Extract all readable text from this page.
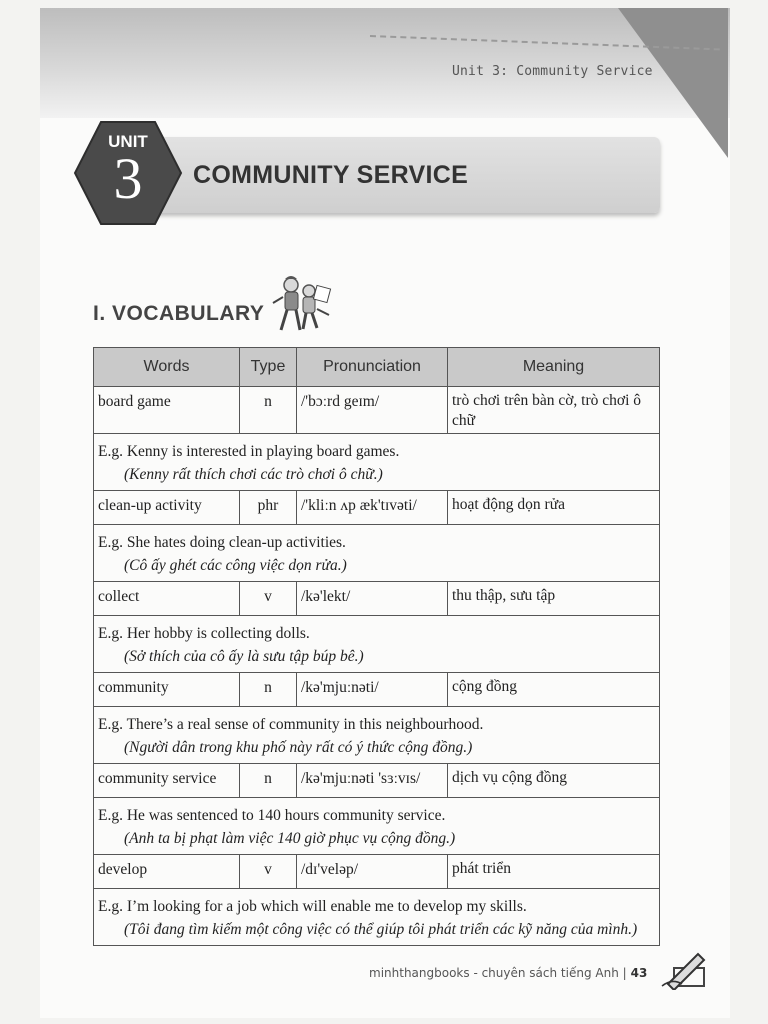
Unit 3: Community Service
COMMUNITY SERVICE
UNIT
3
I. VOCABULARY
Words	Type	Pronunciation	Meaning
board game	n	/'bɔːrd geɪm/	trò chơi trên bàn cờ, trò chơi ô chữ
E.g. Kenny is interested in playing board games.
(Kenny rất thích chơi các trò chơi ô chữ.)			

clean-up activity	phr	/'kliːn ʌp æk'tɪvəti/	hoạt động dọn rửa
E.g. She hates doing clean-up activities.
(Cô ấy ghét các công việc dọn rửa.)			

collect	v	/kə'lekt/	thu thập, sưu tập
E.g. Her hobby is collecting dolls.
(Sở thích của cô ấy là sưu tập búp bê.)			

community	n	/kə'mjuːnəti/	cộng đồng
E.g. There’s a real sense of community in this neighbourhood.
(Người dân trong khu phố này rất có ý thức cộng đồng.)			

community service	n	/kə'mjuːnəti 'sɜːvɪs/	dịch vụ cộng đồng
E.g. He was sentenced to 140 hours community service.
(Anh ta bị phạt làm việc 140 giờ phục vụ cộng đồng.)			

develop	v	/dɪ'veləp/	phát triển
E.g. I’m looking for a job which will enable me to develop my skills.
(Tôi đang tìm kiếm một công việc có thể giúp tôi phát triển các kỹ năng của mình.)			
minhthangbooks - chuyên sách tiếng Anh | 43
